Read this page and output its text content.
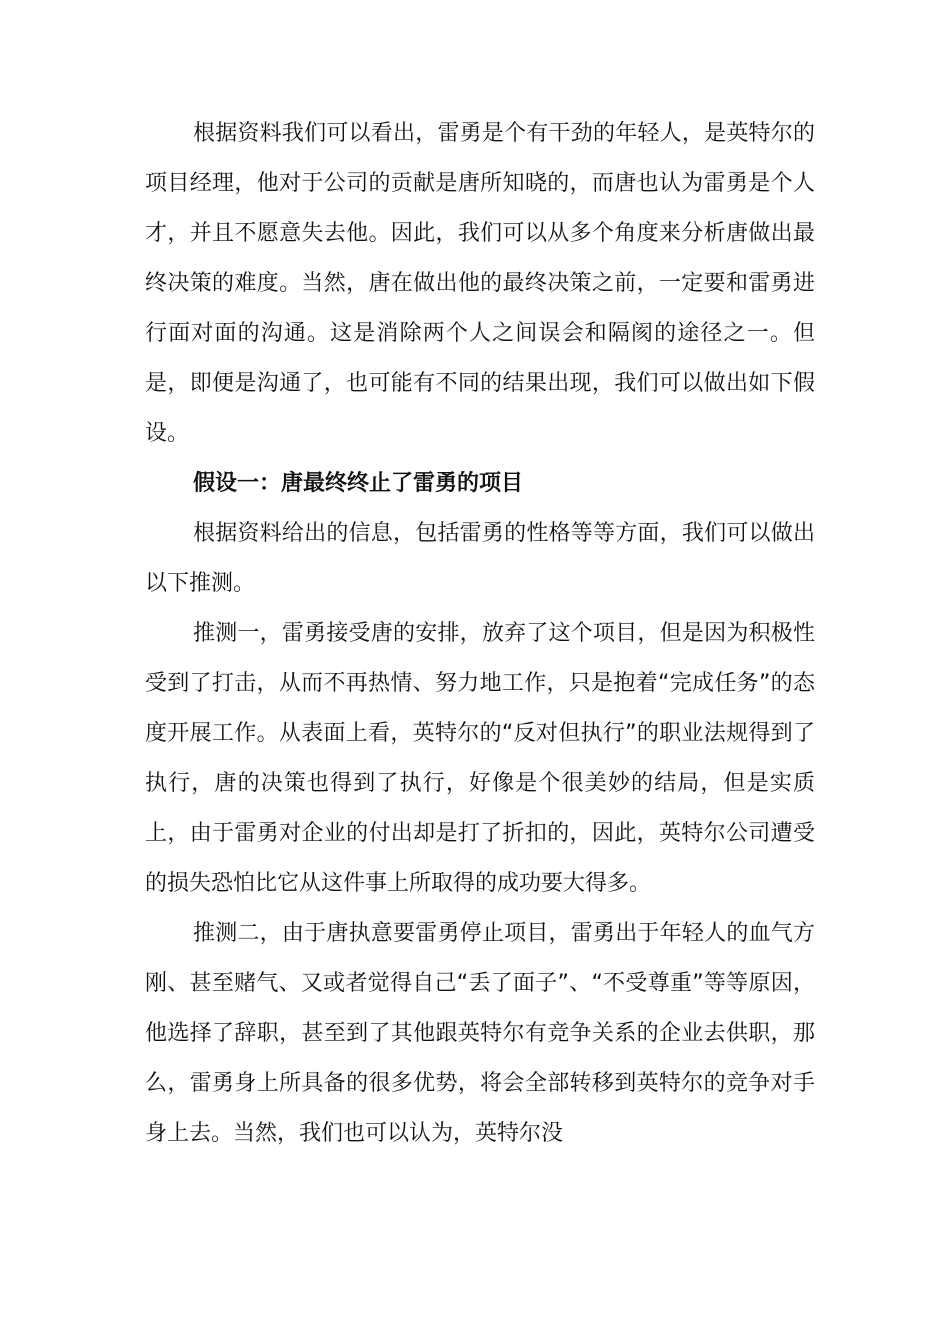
根据资料我们可以看出，雷勇是个有干劲的年轻人，是英特尔的项目经理，他对于公司的贡献是唐所知晓的，而唐也认为雷勇是个人才，并且不愿意失去他。因此，我们可以从多个角度来分析唐做出最终决策的难度。当然，唐在做出他的最终决策之前，一定要和雷勇进行面对面的沟通。这是消除两个人之间误会和隔阂的途径之一。但是，即便是沟通了，也可能有不同的结果出现，我们可以做出如下假设。

假设一：唐最终终止了雷勇的项目

根据资料给出的信息，包括雷勇的性格等等方面，我们可以做出以下推测。

推测一，雷勇接受唐的安排，放弃了这个项目，但是因为积极性受到了打击，从而不再热情、努力地工作，只是抱着“完成任务”的态度开展工作。从表面上看，英特尔的“反对但执行”的职业法规得到了执行，唐的决策也得到了执行，好像是个很美妙的结局，但是实质上，由于雷勇对企业的付出却是打了折扣的，因此，英特尔公司遭受的损失恐怕比它从这件事上所取得的成功要大得多。

推测二，由于唐执意要雷勇停止项目，雷勇出于年轻人的血气方刚、甚至赌气、又或者觉得自己“丢了面子”、“不受尊重”等等原因，他选择了辞职，甚至到了其他跟英特尔有竞争关系的企业去供职，那么，雷勇身上所具备的很多优势，将会全部转移到英特尔的竞争对手身上去。当然，我们也可以认为，英特尔没
